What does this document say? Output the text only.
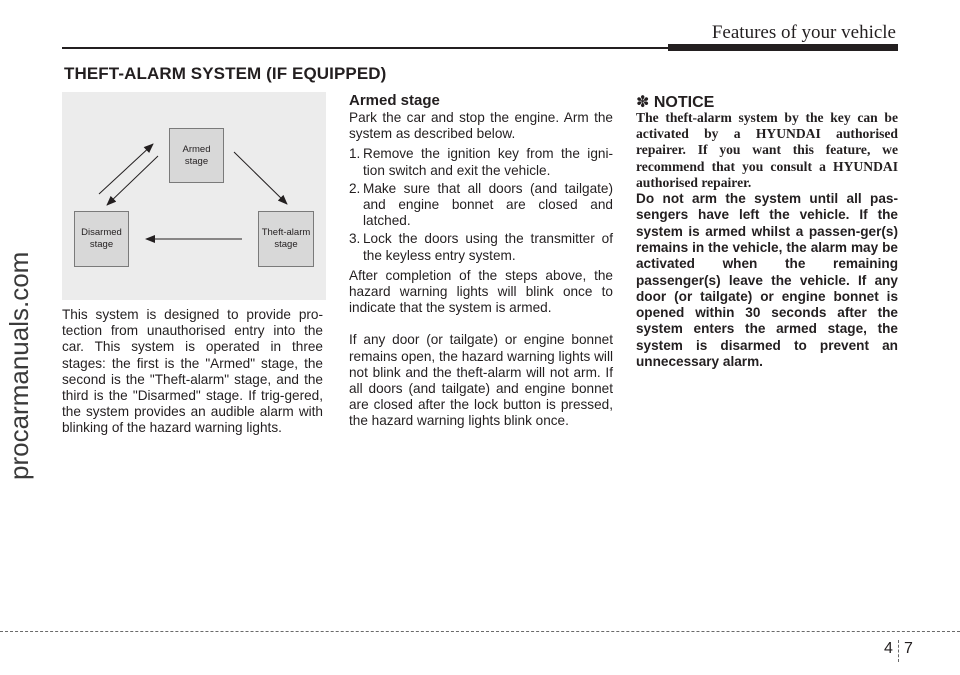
Features of your vehicle
THEFT-ALARM SYSTEM (IF EQUIPPED)
procarmanuals.com
Armed
stage
Theft-alarm
stage
Disarmed
stage

This system is designed to provide pro-tection from unauthorised entry into the car. This system is operated in three stages: the first is the "Armed" stage, the second is the "Theft-alarm" stage, and the third is the "Disarmed" stage. If trig-gered, the system provides an audible alarm with blinking of the hazard warning lights.

Armed stage

Park the car and stop the engine. Arm the system as described below.

1. Remove the ignition key from the igni-tion switch and exit the vehicle.
2. Make sure that all doors (and tailgate) and engine bonnet are closed and latched.
3. Lock the doors using the transmitter of the keyless entry system.

After completion of the steps above, the hazard warning lights will blink once to indicate that the system is armed.

If any door (or tailgate) or engine bonnet remains open, the hazard warning lights will not blink and the theft-alarm will not arm. If all doors (and tailgate) and engine bonnet are closed after the lock button is pressed, the hazard warning lights blink once.

✽ NOTICE

The theft-alarm system by the key can be activated by a HYUNDAI authorised repairer. If you want this feature, we recommend that you consult a HYUNDAI authorised repairer.

Do not arm the system until all pas-sengers have left the vehicle. If the system is armed whilst a passen-ger(s) remains in the vehicle, the alarm may be activated when the remaining passenger(s) leave the vehicle. If any door (or tailgate) or engine bonnet is opened within 30 seconds after the system enters the armed stage, the system is disarmed to prevent an unnecessary alarm.

4 7
